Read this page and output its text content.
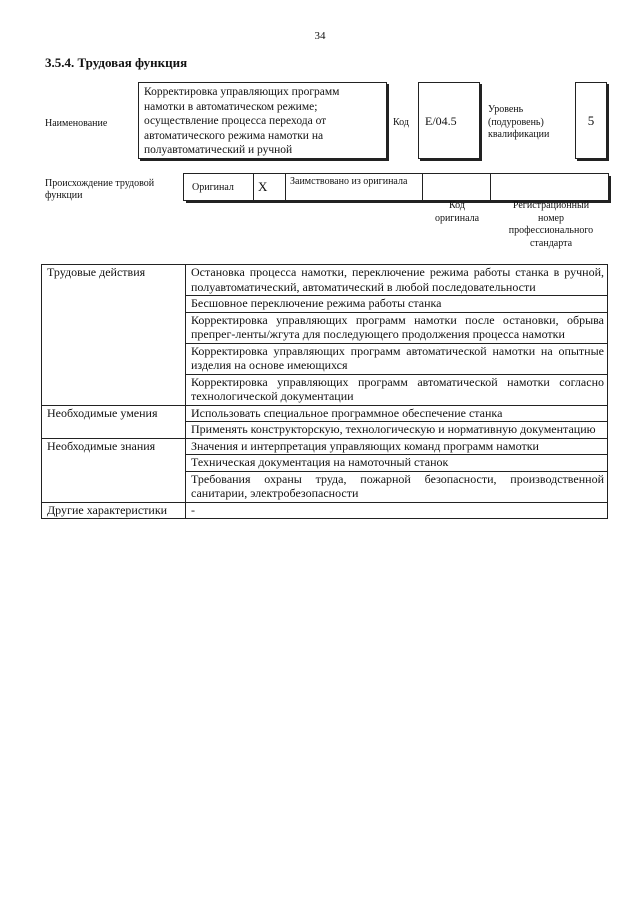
34
3.5.4. Трудовая функция
Наименование
Корректировка управляющих программ намотки в автоматическом режиме; осуществление процесса перехода от автоматического режима намотки на полуавтоматический и ручной
Код	E/04.5
Уровень
(подуровень)
квалификации
5
Происхождение трудовой функции
Оригинал	X	Заимствовано из оригинала		
Код
оригинала
Регистрационный
номер
профессионального
стандарта
Трудовые действия	Остановка процесса намотки, переключение режима работы станка в ручной, полуавтоматический, автоматический в любой последовательности
	Бесшовное переключение режима работы станка
	Корректировка управляющих программ намотки после остановки, обрыва препрег-ленты/жгута для последующего продолжения процесса намотки
	Корректировка управляющих программ автоматической намотки на опытные изделия на основе имеющихся
	Корректировка управляющих программ автоматической намотки согласно технологической документации
Необходимые умения	Использовать специальное программное обеспечение станка
	Применять конструкторскую, технологическую и нормативную документацию
Необходимые знания	Значения и интерпретация управляющих команд программ намотки
	Техническая документация на намоточный станок
	Требования охраны труда, пожарной безопасности, производственной санитарии, электробезопасности
Другие характеристики	-
